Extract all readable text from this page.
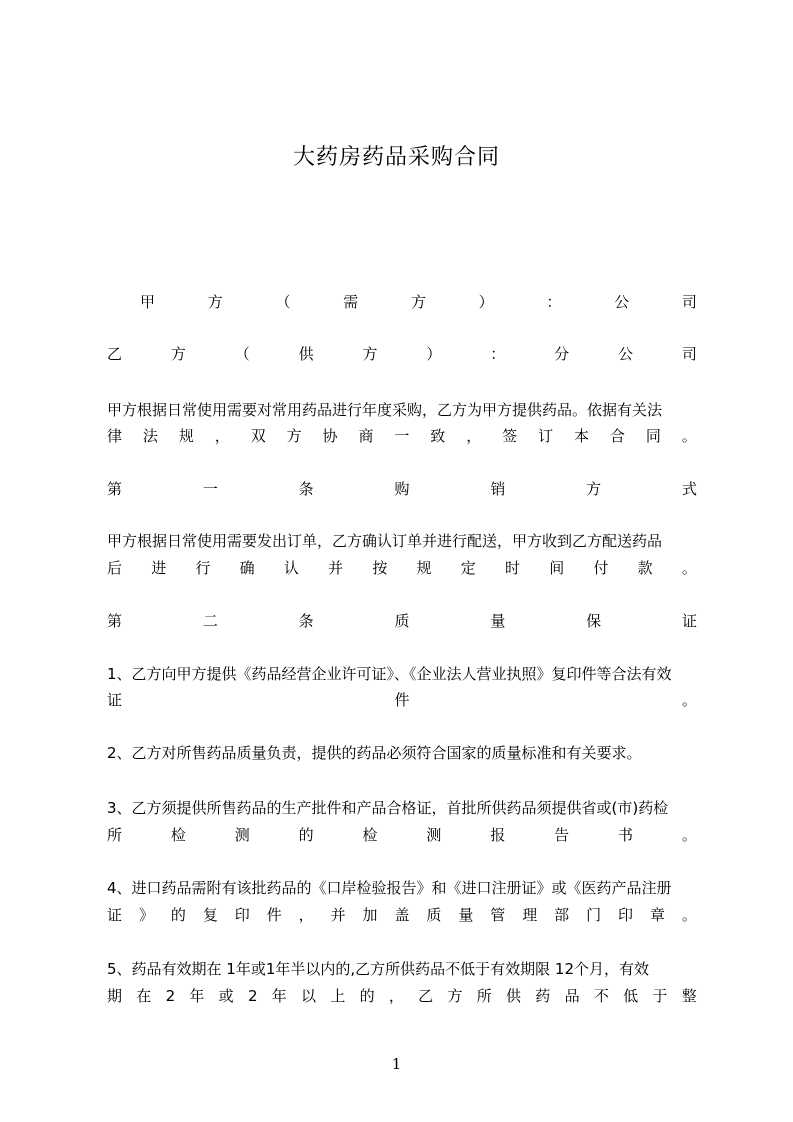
大药房药品采购合同
甲	方	（	需	方	）	：	公	司
乙	方	（	供	方	）	：	分	公	司
甲方根据日常使用需要对常用药品进行年度采购，乙方为甲方提供药品。依据有关法
律 法 规 ， 双 方 协 商 一 致 ， 签 订 本 合 同 。
第	一	条	购	销	方	式
甲方根据日常使用需要发出订单，乙方确认订单并进行配送，甲方收到乙方配送药品
后 进 行 确 认 并 按 规 定 时 间 付 款 。
第	二	条	质	量	保	证
1、乙方向甲方提供《药品经营企业许可证》、《企业法人营业执照》复印件等合法有效
证	件	。
2、乙方对所售药品质量负责，提供的药品必须符合国家的质量标准和有关要求。
3、乙方须提供所售药品的生产批件和产品合格证，首批所供药品须提供省或(市)药检
所	检	测	的	检	测	报	告	书	。
4、进口药品需附有该批药品的《口岸检验报告》和《进口注册证》或《医药产品注册
证 》 的 复 印 件 ， 并 加 盖 质 量 管 理 部 门 印 章 。
5、药品有效期在 1年或1年半以内的,乙方所供药品不低于有效期限 12个月，有效
期 在 2 年 或 2 年 以 上 的 ， 乙 方 所 供 药 品 不 低 于 整
1
